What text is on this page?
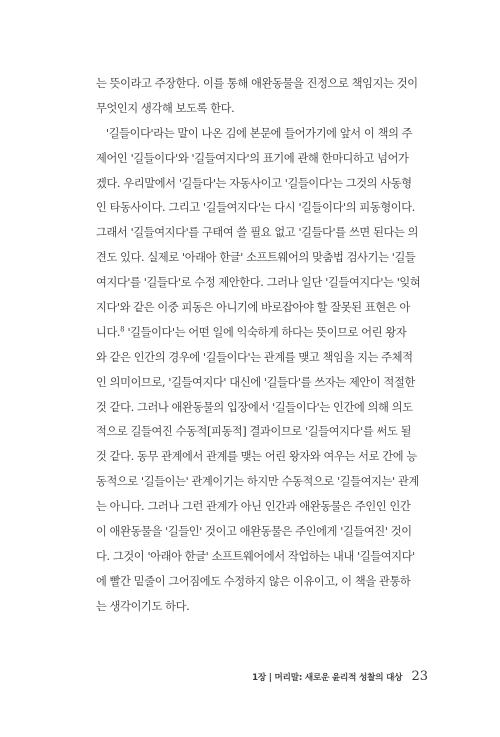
는 뜻이라고 주장한다. 이를 통해 애완동물을 진정으로 책임지는 것이
무엇인지 생각해 보도록 한다.
'길들이다'라는 말이 나온 김에 본문에 들어가기에 앞서 이 책의 주
제어인 '길들이다'와 '길들여지다'의 표기에 관해 한마디하고 넘어가
겠다. 우리말에서 '길들다'는 자동사이고 '길들이다'는 그것의 사동형
인 타동사이다. 그리고 '길들여지다'는 다시 '길들이다'의 피동형이다.
그래서 '길들여지다'를 구태여 쓸 필요 없고 '길들다'를 쓰면 된다는 의
견도 있다. 실제로 '아래아 한글' 소프트웨어의 맞춤법 검사기는 '길들
여지다'를 '길들다'로 수정 제안한다. 그러나 일단 '길들여지다'는 '잊혀
지다'와 같은 이중 피동은 아니기에 바로잡아야 할 잘못된 표현은 아
니다.$^8$ '길들이다'는 어떤 일에 익숙하게 하다는 뜻이므로 어린 왕자
와 같은 인간의 경우에 '길들이다'는 관계를 맺고 책임을 지는 주체적
인 의미이므로, '길들여지다' 대신에 '길들다'를 쓰자는 제안이 적절한
것 같다. 그러나 애완동물의 입장에서 '길들이다'는 인간에 의해 의도
적으로 길들여진 수동적[피동적] 결과이므로 '길들여지다'를 써도 될
것 같다. 동무 관계에서 관계를 맺는 어린 왕자와 여우는 서로 간에 능
동적으로 '길들이는' 관계이기는 하지만 수동적으로 '길들여지는' 관계
는 아니다. 그러나 그런 관계가 아닌 인간과 애완동물은 주인인 인간
이 애완동물을 '길들인' 것이고 애완동물은 주인에게 '길들여진' 것이
다. 그것이 '아래아 한글' 소프트웨어에서 작업하는 내내 '길들여지다'
에 빨간 밑줄이 그어짐에도 수정하지 않은 이유이고, 이 책을 관통하
는 생각이기도 하다.
1장 | 머리말: 새로운 윤리적 성찰의 대상 23
